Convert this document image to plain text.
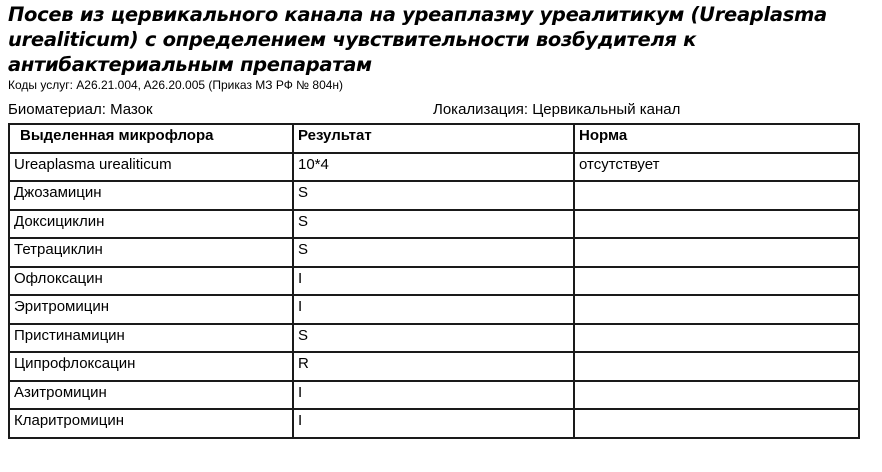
Посев из цервикального канала на уреаплазму уреалитикум (Ureaplasma
urealiticum) с определением чувствительности возбудителя к
антибактериальным препаратам
Коды услуг: A26.21.004, A26.20.005 (Приказ МЗ РФ № 804н)
Биоматериал: Мазок	Локализация: Цервикальный канал
Выделенная микрофлора	Результат	Норма
Ureaplasma urealiticum	10*4	отсутствует
Джозамицин	S	
Доксициклин	S	
Тетрациклин	S	
Офлоксацин	I	
Эритромицин	I	
Пристинамицин	S	
Ципрофлоксацин	R	
Азитромицин	I	
Кларитромицин	I	
